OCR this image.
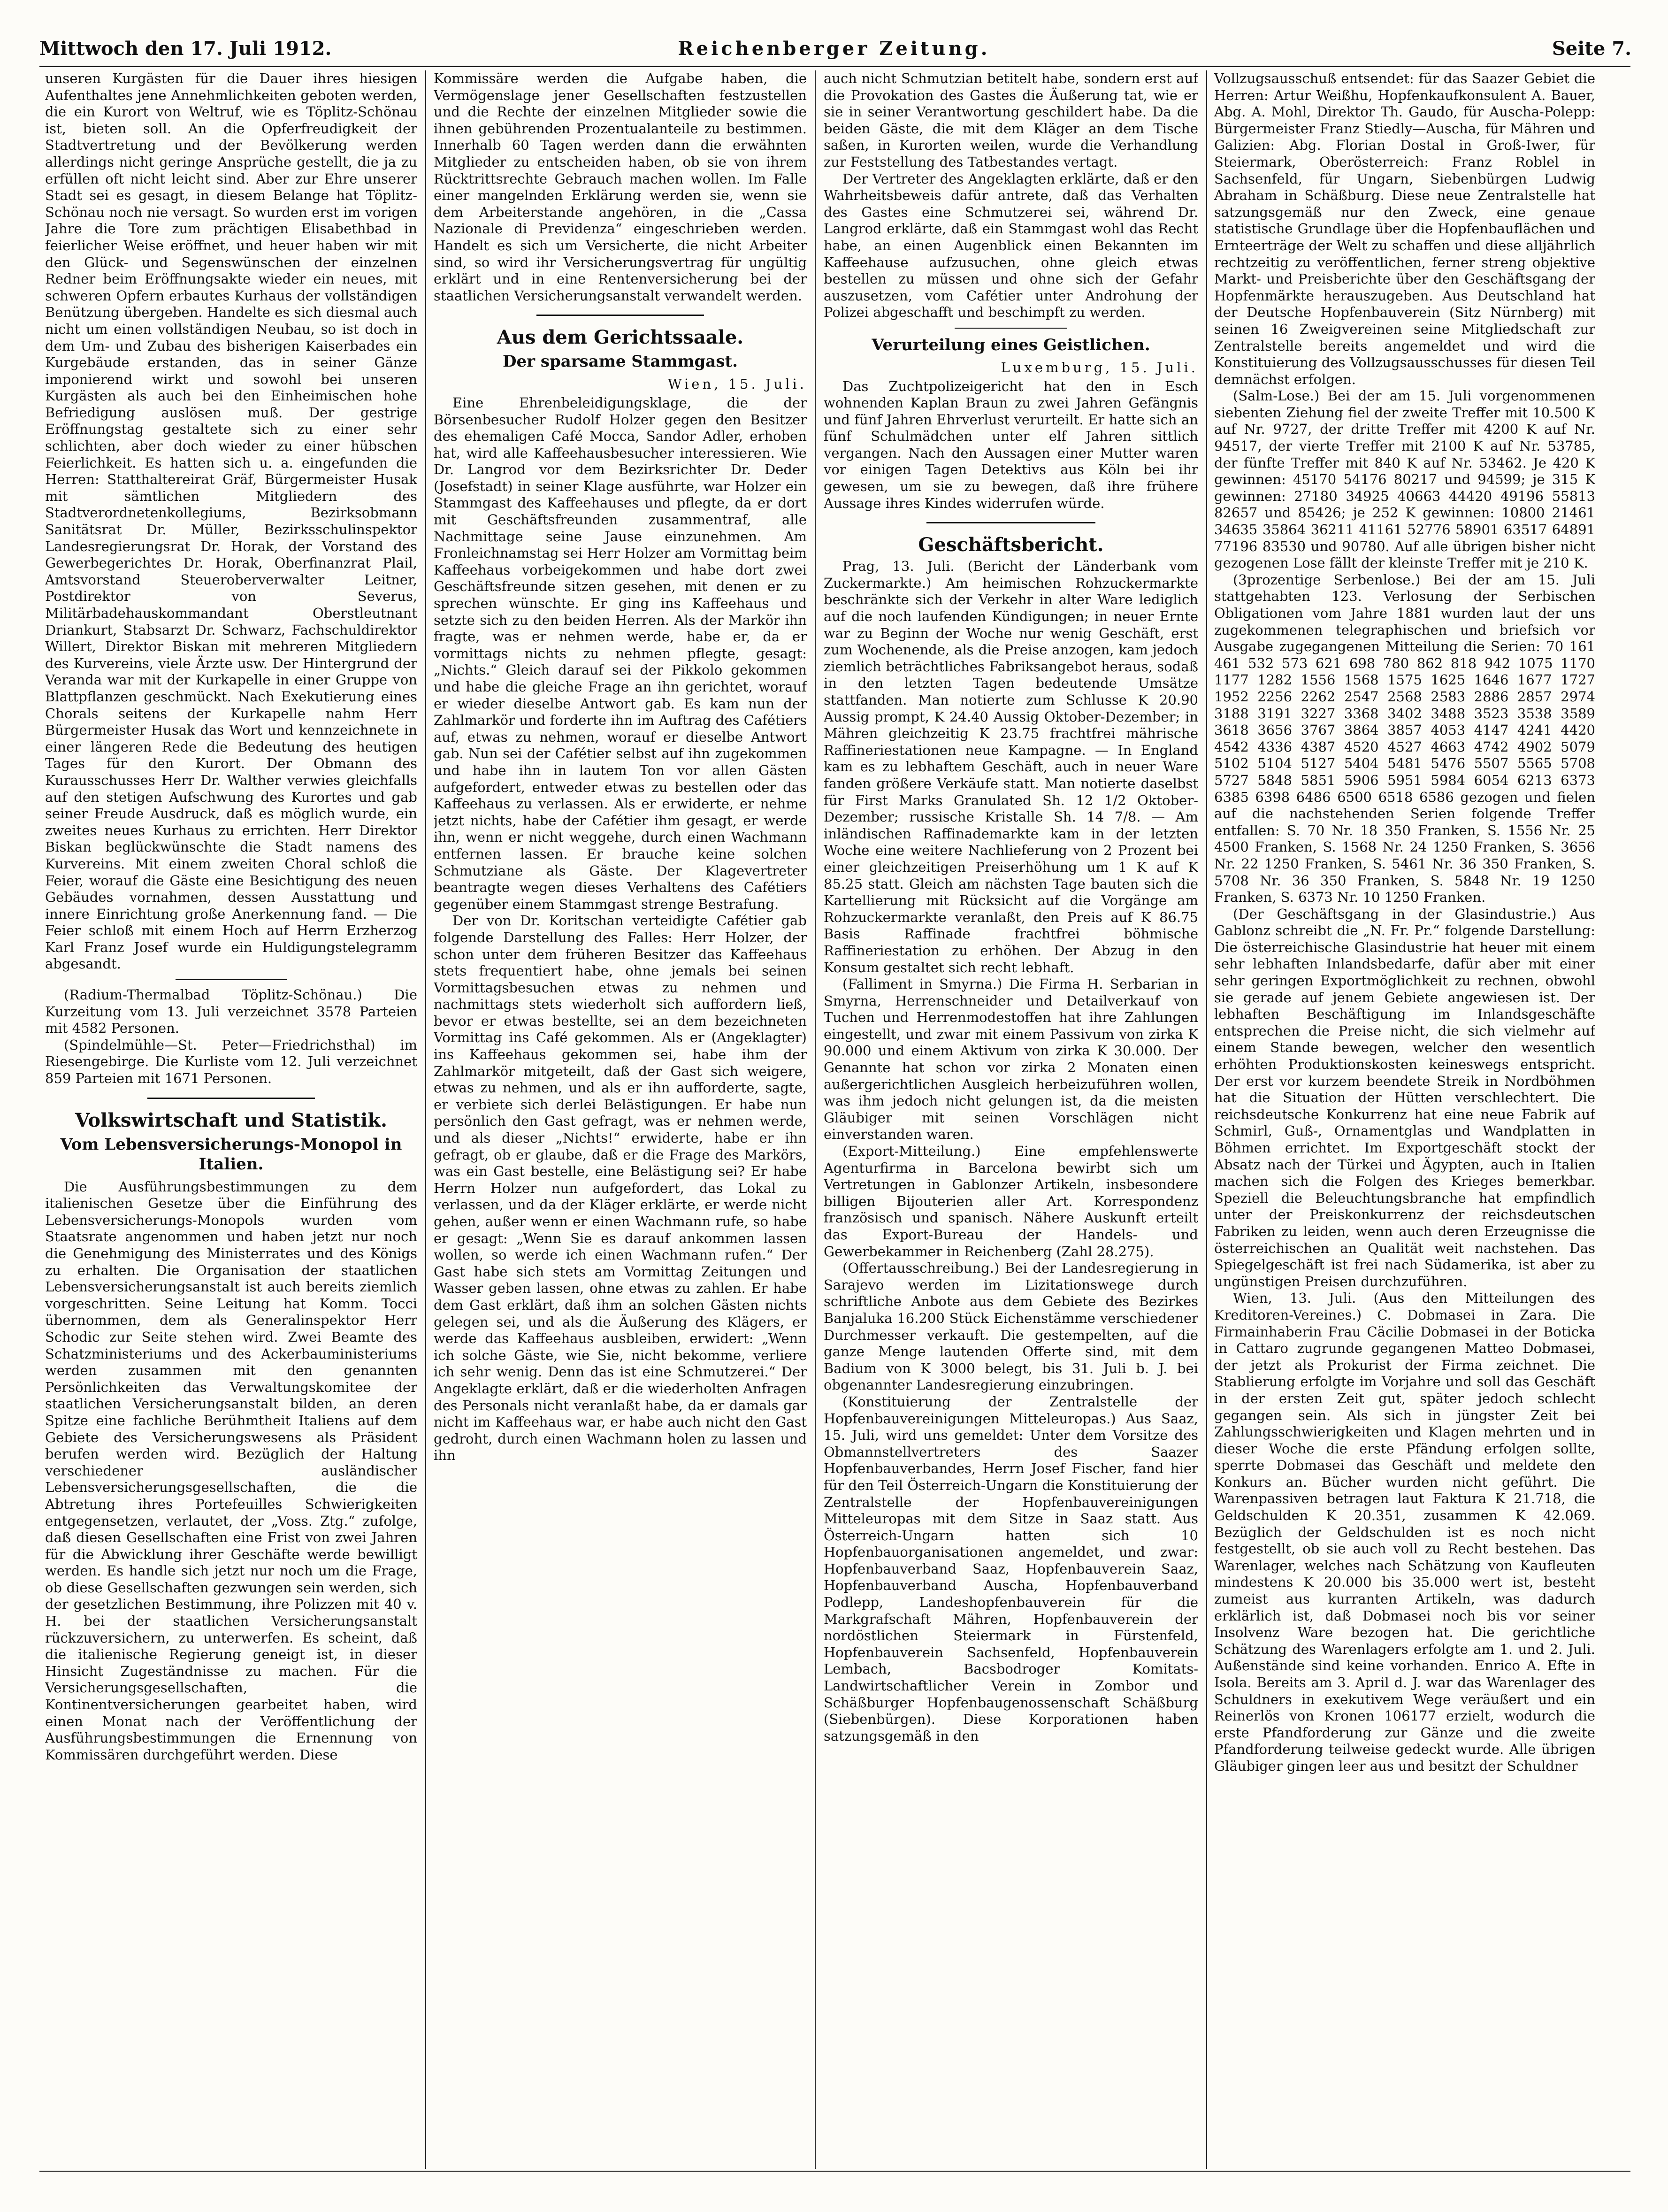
Mittwoch den 17. Juli 1912.	Reichenberger Zeitung.	Seite 7.

unseren Kurgästen für die Dauer ihres hiesigen Aufenthaltes jene Annehmlichkeiten geboten werden, die ein Kurort von Weltruf, wie es Töplitz-Schönau ist, bieten soll. An die Opferfreudigkeit der Stadtvertretung und der Bevölkerung werden allerdings nicht geringe Ansprüche gestellt, die ja zu erfüllen oft nicht leicht sind. Aber zur Ehre unserer Stadt sei es gesagt, in diesem Belange hat Töplitz-Schönau noch nie versagt. So wurden erst im vorigen Jahre die Tore zum prächtigen Elisabethbad in feierlicher Weise eröffnet, und heuer haben wir mit den Glück- und Segenswünschen der einzelnen Redner beim Eröffnungsakte wieder ein neues, mit schweren Opfern erbautes Kurhaus der vollständigen Benützung übergeben. Handelte es sich diesmal auch nicht um einen vollständigen Neubau, so ist doch in dem Um- und Zubau des bisherigen Kaiserbades ein Kurgebäude erstanden, das in seiner Gänze imponierend wirkt und sowohl bei unseren Kurgästen als auch bei den Einheimischen hohe Befriedigung auslösen muß. Der gestrige Eröffnungstag gestaltete sich zu einer sehr schlichten, aber doch wieder zu einer hübschen Feierlichkeit. Es hatten sich u. a. eingefunden die Herren: Statthaltereirat Gräf, Bürgermeister Husak mit sämtlichen Mitgliedern des Stadtverordnetenkollegiums, Bezirksobmann Sanitätsrat Dr. Müller, Bezirksschulinspektor Landesregierungsrat Dr. Horak, der Vorstand des Gewerbegerichtes Dr. Horak, Oberfinanzrat Plail, Amtsvorstand Steueroberverwalter Leitner, Postdirektor von Severus, Militärbadehauskommandant Oberstleutnant Driankurt, Stabsarzt Dr. Schwarz, Fachschuldirektor Willert, Direktor Biskan mit mehreren Mitgliedern des Kurvereins, viele Ärzte usw. Der Hintergrund der Veranda war mit der Kurkapelle in einer Gruppe von Blattpflanzen geschmückt. Nach Exekutierung eines Chorals seitens der Kurkapelle nahm Herr Bürgermeister Husak das Wort und kennzeichnete in einer längeren Rede die Bedeutung des heutigen Tages für den Kurort. Der Obmann des Kurausschusses Herr Dr. Walther verwies gleichfalls auf den stetigen Aufschwung des Kurortes und gab seiner Freude Ausdruck, daß es möglich wurde, ein zweites neues Kurhaus zu errichten. Herr Direktor Biskan beglückwünschte die Stadt namens des Kurvereins. Mit einem zweiten Choral schloß die Feier, worauf die Gäste eine Besichtigung des neuen Gebäudes vornahmen, dessen Ausstattung und innere Einrichtung große Anerkennung fand. — Die Feier schloß mit einem Hoch auf Herrn Erzherzog Karl Franz Josef wurde ein Huldigungstelegramm abgesandt.

(Radium-Thermalbad Töplitz-Schönau.) Die Kurzeitung vom 13. Juli verzeichnet 3578 Parteien mit 4582 Personen.

(Spindelmühle—St. Peter—Friedrichsthal) im Riesengebirge. Die Kurliste vom 12. Juli verzeichnet 859 Parteien mit 1671 Personen.

Volkswirtschaft und Statistik.
Vom Lebensversicherungs-Monopol in Italien.

Die Ausführungsbestimmungen zu dem italienischen Gesetze über die Einführung des Lebensversicherungs-Monopols wurden vom Staatsrate angenommen und haben jetzt nur noch die Genehmigung des Ministerrates und des Königs zu erhalten. Die Organisation der staatlichen Lebensversicherungsanstalt ist auch bereits ziemlich vorgeschritten. Seine Leitung hat Komm. Tocci übernommen, dem als Generalinspektor Herr Schodic zur Seite stehen wird. Zwei Beamte des Schatzministeriums und des Ackerbauministeriums werden zusammen mit den genannten Persönlichkeiten das Verwaltungskomitee der staatlichen Versicherungsanstalt bilden, an deren Spitze eine fachliche Berühmtheit Italiens auf dem Gebiete des Versicherungswesens als Präsident berufen werden wird. Bezüglich der Haltung verschiedener ausländischer Lebensversicherungsgesellschaften, die die Abtretung ihres Portefeuilles Schwierigkeiten entgegensetzen, verlautet, der „Voss. Ztg.“ zufolge, daß diesen Gesellschaften eine Frist von zwei Jahren für die Abwicklung ihrer Geschäfte werde bewilligt werden. Es handle sich jetzt nur noch um die Frage, ob diese Gesellschaften gezwungen sein werden, sich der gesetzlichen Bestimmung, ihre Polizzen mit 40 v. H. bei der staatlichen Versicherungsanstalt rückzuversichern, zu unterwerfen. Es scheint, daß die italienische Regierung geneigt ist, in dieser Hinsicht Zugeständnisse zu machen. Für die Versicherungsgesellschaften, die Kontinentversicherungen gearbeitet haben, wird einen Monat nach der Veröffentlichung der Ausführungsbestimmungen die Ernennung von Kommissären durchgeführt werden. Diese

Kommissäre werden die Aufgabe haben, die Vermögenslage jener Gesellschaften festzustellen und die Rechte der einzelnen Mitglieder sowie die ihnen gebührenden Prozentualanteile zu bestimmen. Innerhalb 60 Tagen werden dann die erwähnten Mitglieder zu entscheiden haben, ob sie von ihrem Rücktrittsrechte Gebrauch machen wollen. Im Falle einer mangelnden Erklärung werden sie, wenn sie dem Arbeiterstande angehören, in die „Cassa Nazionale di Previdenza“ eingeschrieben werden. Handelt es sich um Versicherte, die nicht Arbeiter sind, so wird ihr Versicherungsvertrag für ungültig erklärt und in eine Rentenversicherung bei der staatlichen Versicherungsanstalt verwandelt werden.

Aus dem Gerichtssaale.
Der sparsame Stammgast.

Wien, 15. Juli.

Eine Ehrenbeleidigungsklage, die der Börsenbesucher Rudolf Holzer gegen den Besitzer des ehemaligen Café Mocca, Sandor Adler, erhoben hat, wird alle Kaffeehausbesucher interessieren. Wie Dr. Langrod vor dem Bezirksrichter Dr. Deder (Josefstadt) in seiner Klage ausführte, war Holzer ein Stammgast des Kaffeehauses und pflegte, da er dort mit Geschäftsfreunden zusammentraf, alle Nachmittage seine Jause einzunehmen. Am Fronleichnamstag sei Herr Holzer am Vormittag beim Kaffeehaus vorbeigekommen und habe dort zwei Geschäftsfreunde sitzen gesehen, mit denen er zu sprechen wünschte. Er ging ins Kaffeehaus und setzte sich zu den beiden Herren. Als der Markör ihn fragte, was er nehmen werde, habe er, da er vormittags nichts zu nehmen pflegte, gesagt: „Nichts.“ Gleich darauf sei der Pikkolo gekommen und habe die gleiche Frage an ihn gerichtet, worauf er wieder dieselbe Antwort gab. Es kam nun der Zahlmarkör und forderte ihn im Auftrag des Cafétiers auf, etwas zu nehmen, worauf er dieselbe Antwort gab. Nun sei der Cafétier selbst auf ihn zugekommen und habe ihn in lautem Ton vor allen Gästen aufgefordert, entweder etwas zu bestellen oder das Kaffeehaus zu verlassen. Als er erwiderte, er nehme jetzt nichts, habe der Cafétier ihm gesagt, er werde ihn, wenn er nicht weggehe, durch einen Wachmann entfernen lassen. Er brauche keine solchen Schmutziane als Gäste. Der Klagevertreter beantragte wegen dieses Verhaltens des Cafétiers gegenüber einem Stammgast strenge Bestrafung.

Der von Dr. Koritschan verteidigte Cafétier gab folgende Darstellung des Falles: Herr Holzer, der schon unter dem früheren Besitzer das Kaffeehaus stets frequentiert habe, ohne jemals bei seinen Vormittagsbesuchen etwas zu nehmen und nachmittags stets wiederholt sich auffordern ließ, bevor er etwas bestellte, sei an dem bezeichneten Vormittag ins Café gekommen. Als er (Angeklagter) ins Kaffeehaus gekommen sei, habe ihm der Zahlmarkör mitgeteilt, daß der Gast sich weigere, etwas zu nehmen, und als er ihn aufforderte, sagte, er verbiete sich derlei Belästigungen. Er habe nun persönlich den Gast gefragt, was er nehmen werde, und als dieser „Nichts!“ erwiderte, habe er ihn gefragt, ob er glaube, daß er die Frage des Markörs, was ein Gast bestelle, eine Belästigung sei? Er habe Herrn Holzer nun aufgefordert, das Lokal zu verlassen, und da der Kläger erklärte, er werde nicht gehen, außer wenn er einen Wachmann rufe, so habe er gesagt: „Wenn Sie es darauf ankommen lassen wollen, so werde ich einen Wachmann rufen.“ Der Gast habe sich stets am Vormittag Zeitungen und Wasser geben lassen, ohne etwas zu zahlen. Er habe dem Gast erklärt, daß ihm an solchen Gästen nichts gelegen sei, und als die Äußerung des Klägers, er werde das Kaffeehaus ausbleiben, erwidert: „Wenn ich solche Gäste, wie Sie, nicht bekomme, verliere ich sehr wenig. Denn das ist eine Schmutzerei.“ Der Angeklagte erklärt, daß er die wiederholten Anfragen des Personals nicht veranlaßt habe, da er damals gar nicht im Kaffeehaus war, er habe auch nicht den Gast gedroht, durch einen Wachmann holen zu lassen und ihn

auch nicht Schmutzian betitelt habe, sondern erst auf die Provokation des Gastes die Äußerung tat, wie er sie in seiner Verantwortung geschildert habe. Da die beiden Gäste, die mit dem Kläger an dem Tische saßen, in Kurorten weilen, wurde die Verhandlung zur Feststellung des Tatbestandes vertagt.

Der Vertreter des Angeklagten erklärte, daß er den Wahrheitsbeweis dafür antrete, daß das Verhalten des Gastes eine Schmutzerei sei, während Dr. Langrod erklärte, daß ein Stammgast wohl das Recht habe, an einen Augenblick einen Bekannten im Kaffeehause aufzusuchen, ohne gleich etwas bestellen zu müssen und ohne sich der Gefahr auszusetzen, vom Cafétier unter Androhung der Polizei abgeschafft und beschimpft zu werden.

Verurteilung eines Geistlichen.

Luxemburg, 15. Juli.

Das Zuchtpolizeigericht hat den in Esch wohnenden Kaplan Braun zu zwei Jahren Gefängnis und fünf Jahren Ehrverlust verurteilt. Er hatte sich an fünf Schulmädchen unter elf Jahren sittlich vergangen. Nach den Aussagen einer Mutter waren vor einigen Tagen Detektivs aus Köln bei ihr gewesen, um sie zu bewegen, daß ihre frühere Aussage ihres Kindes widerrufen würde.

Geschäftsbericht.

Prag, 13. Juli. (Bericht der Länderbank vom Zuckermarkte.) Am heimischen Rohzuckermarkte beschränkte sich der Verkehr in alter Ware lediglich auf die noch laufenden Kündigungen; in neuer Ernte war zu Beginn der Woche nur wenig Geschäft, erst zum Wochenende, als die Preise anzogen, kam jedoch ziemlich beträchtliches Fabriksangebot heraus, sodaß in den letzten Tagen bedeutende Umsätze stattfanden. Man notierte zum Schlusse K 20.90 Aussig prompt, K 24.40 Aussig Oktober-Dezember; in Mähren gleichzeitig K 23.75 frachtfrei mährische Raffineriestationen neue Kampagne. — In England kam es zu lebhaftem Geschäft, auch in neuer Ware fanden größere Verkäufe statt. Man notierte daselbst für First Marks Granulated Sh. 12 1/2 Oktober-Dezember; russische Kristalle Sh. 14 7/8. — Am inländischen Raffinademarkte kam in der letzten Woche eine weitere Nachlieferung von 2 Prozent bei einer gleichzeitigen Preiserhöhung um 1 K auf K 85.25 statt. Gleich am nächsten Tage bauten sich die Kartellierung mit Rücksicht auf die Vorgänge am Rohzuckermarkte veranlaßt, den Preis auf K 86.75 Basis Raffinade frachtfrei böhmische Raffineriestation zu erhöhen. Der Abzug in den Konsum gestaltet sich recht lebhaft.

(Falliment in Smyrna.) Die Firma H. Serbarian in Smyrna, Herrenschneider und Detailverkauf von Tuchen und Herrenmodestoffen hat ihre Zahlungen eingestellt, und zwar mit einem Passivum von zirka K 90.000 und einem Aktivum von zirka K 30.000. Der Genannte hat schon vor zirka 2 Monaten einen außergerichtlichen Ausgleich herbeizuführen wollen, was ihm jedoch nicht gelungen ist, da die meisten Gläubiger mit seinen Vorschlägen nicht einverstanden waren.

(Export-Mitteilung.) Eine empfehlenswerte Agenturfirma in Barcelona bewirbt sich um Vertretungen in Gablonzer Artikeln, insbesondere billigen Bijouterien aller Art. Korrespondenz französisch und spanisch. Nähere Auskunft erteilt das Export-Bureau der Handels- und Gewerbekammer in Reichenberg (Zahl 28.275).

(Offertausschreibung.) Bei der Landesregierung in Sarajevo werden im Lizitationswege durch schriftliche Anbote aus dem Gebiete des Bezirkes Banjaluka 16.200 Stück Eichenstämme verschiedener Durchmesser verkauft. Die gestempelten, auf die ganze Menge lautenden Offerte sind, mit dem Badium von K 3000 belegt, bis 31. Juli b. J. bei obgenannter Landesregierung einzubringen.

(Konstituierung der Zentralstelle der Hopfenbauvereinigungen Mitteleuropas.) Aus Saaz, 15. Juli, wird uns gemeldet: Unter dem Vorsitze des Obmannstellvertreters des Saazer Hopfenbauverbandes, Herrn Josef Fischer, fand hier für den Teil Österreich-Ungarn die Konstituierung der Zentralstelle der Hopfenbauvereinigungen Mitteleuropas mit dem Sitze in Saaz statt. Aus Österreich-Ungarn hatten sich 10 Hopfenbauorganisationen angemeldet, und zwar: Hopfenbauverband Saaz, Hopfenbauverein Saaz, Hopfenbauverband Auscha, Hopfenbauverband Podlepp, Landeshopfenbauverein für die Markgrafschaft Mähren, Hopfenbauverein der nordöstlichen Steiermark in Fürstenfeld, Hopfenbauverein Sachsenfeld, Hopfenbauverein Lembach, Bacsbodroger Komitats-Landwirtschaftlicher Verein in Zombor und Schäßburger Hopfenbaugenossenschaft Schäßburg (Siebenbürgen). Diese Korporationen haben satzungsgemäß in den

Vollzugsausschuß entsendet: für das Saazer Gebiet die Herren: Artur Weißhu, Hopfenkaufkonsulent A. Bauer, Abg. A. Mohl, Direktor Th. Gaudo, für Auscha-Polepp: Bürgermeister Franz Stiedly—Auscha, für Mähren und Galizien: Abg. Florian Dostal in Groß-Iwer, für Steiermark, Oberösterreich: Franz Roblel in Sachsenfeld, für Ungarn, Siebenbürgen Ludwig Abraham in Schäßburg. Diese neue Zentralstelle hat satzungsgemäß nur den Zweck, eine genaue statistische Grundlage über die Hopfenbauflächen und Ernteerträge der Welt zu schaffen und diese alljährlich rechtzeitig zu veröffentlichen, ferner streng objektive Markt- und Preisberichte über den Geschäftsgang der Hopfenmärkte herauszugeben. Aus Deutschland hat der Deutsche Hopfenbauverein (Sitz Nürnberg) mit seinen 16 Zweigvereinen seine Mitgliedschaft zur Zentralstelle bereits angemeldet und wird die Konstituierung des Vollzugsausschusses für diesen Teil demnächst erfolgen.

(Salm-Lose.) Bei der am 15. Juli vorgenommenen siebenten Ziehung fiel der zweite Treffer mit 10.500 K auf Nr. 9727, der dritte Treffer mit 4200 K auf Nr. 94517, der vierte Treffer mit 2100 K auf Nr. 53785, der fünfte Treffer mit 840 K auf Nr. 53462. Je 420 K gewinnen: 45170 54176 80217 und 94599; je 315 K gewinnen: 27180 34925 40663 44420 49196 55813 82657 und 85426; je 252 K gewinnen: 10800 21461 34635 35864 36211 41161 52776 58901 63517 64891 77196 83530 und 90780. Auf alle übrigen bisher nicht gezogenen Lose fällt der kleinste Treffer mit je 210 K.

(3prozentige Serbenlose.) Bei der am 15. Juli stattgehabten 123. Verlosung der Serbischen Obligationen vom Jahre 1881 wurden laut der uns zugekommenen telegraphischen und briefsich vor Ausgabe zugegangenen Mitteilung die Serien: 70 161 461 532 573 621 698 780 862 818 942 1075 1170 1177 1282 1556 1568 1575 1625 1646 1677 1727 1952 2256 2262 2547 2568 2583 2886 2857 2974 3188 3191 3227 3368 3402 3488 3523 3538 3589 3618 3656 3767 3864 3857 4053 4147 4241 4420 4542 4336 4387 4520 4527 4663 4742 4902 5079 5102 5104 5127 5404 5481 5476 5507 5565 5708 5727 5848 5851 5906 5951 5984 6054 6213 6373 6385 6398 6486 6500 6518 6586 gezogen und fielen auf die nachstehenden Serien folgende Treffer entfallen: S. 70 Nr. 18 350 Franken, S. 1556 Nr. 25 4500 Franken, S. 1568 Nr. 24 1250 Franken, S. 3656 Nr. 22 1250 Franken, S. 5461 Nr. 36 350 Franken, S. 5708 Nr. 36 350 Franken, S. 5848 Nr. 19 1250 Franken, S. 6373 Nr. 10 1250 Franken.

(Der Geschäftsgang in der Glasindustrie.) Aus Gablonz schreibt die „N. Fr. Pr.“ folgende Darstellung: Die österreichische Glasindustrie hat heuer mit einem sehr lebhaften Inlandsbedarfe, dafür aber mit einer sehr geringen Exportmöglichkeit zu rechnen, obwohl sie gerade auf jenem Gebiete angewiesen ist. Der lebhaften Beschäftigung im Inlandsgeschäfte entsprechen die Preise nicht, die sich vielmehr auf einem Stande bewegen, welcher den wesentlich erhöhten Produktionskosten keineswegs entspricht. Der erst vor kurzem beendete Streik in Nordböhmen hat die Situation der Hütten verschlechtert. Die reichsdeutsche Konkurrenz hat eine neue Fabrik auf Schmirl, Guß-, Ornamentglas und Wandplatten in Böhmen errichtet. Im Exportgeschäft stockt der Absatz nach der Türkei und Ägypten, auch in Italien machen sich die Folgen des Krieges bemerkbar. Speziell die Beleuchtungsbranche hat empfindlich unter der Preiskonkurrenz der reichsdeutschen Fabriken zu leiden, wenn auch deren Erzeugnisse die österreichischen an Qualität weit nachstehen. Das Spiegelgeschäft ist frei nach Südamerika, ist aber zu ungünstigen Preisen durchzuführen.

Wien, 13. Juli. (Aus den Mitteilungen des Kreditoren-Vereines.) C. Dobmasei in Zara. Die Firmainhaberin Frau Cäcilie Dobmasei in der Boticka in Cattaro zugrunde gegangenen Matteo Dobmasei, der jetzt als Prokurist der Firma zeichnet. Die Stablierung erfolgte im Vorjahre und soll das Geschäft in der ersten Zeit gut, später jedoch schlecht gegangen sein. Als sich in jüngster Zeit bei Zahlungsschwierigkeiten und Klagen mehrten und in dieser Woche die erste Pfändung erfolgen sollte, sperrte Dobmasei das Geschäft und meldete den Konkurs an. Bücher wurden nicht geführt. Die Warenpassiven betragen laut Faktura K 21.718, die Geldschulden K 20.351, zusammen K 42.069. Bezüglich der Geldschulden ist es noch nicht festgestellt, ob sie auch voll zu Recht bestehen. Das Warenlager, welches nach Schätzung von Kaufleuten mindestens K 20.000 bis 35.000 wert ist, besteht zumeist aus kurranten Artikeln, was dadurch erklärlich ist, daß Dobmasei noch bis vor seiner Insolvenz Ware bezogen hat. Die gerichtliche Schätzung des Warenlagers erfolgte am 1. und 2. Juli. Außenstände sind keine vorhanden. Enrico A. Efte in Isola. Bereits am 3. April d. J. war das Warenlager des Schuldners in exekutivem Wege veräußert und ein Reinerlös von Kronen 106177 erzielt, wodurch die erste Pfandforderung zur Gänze und die zweite Pfandforderung teilweise gedeckt wurde. Alle übrigen Gläubiger gingen leer aus und besitzt der Schuldner
